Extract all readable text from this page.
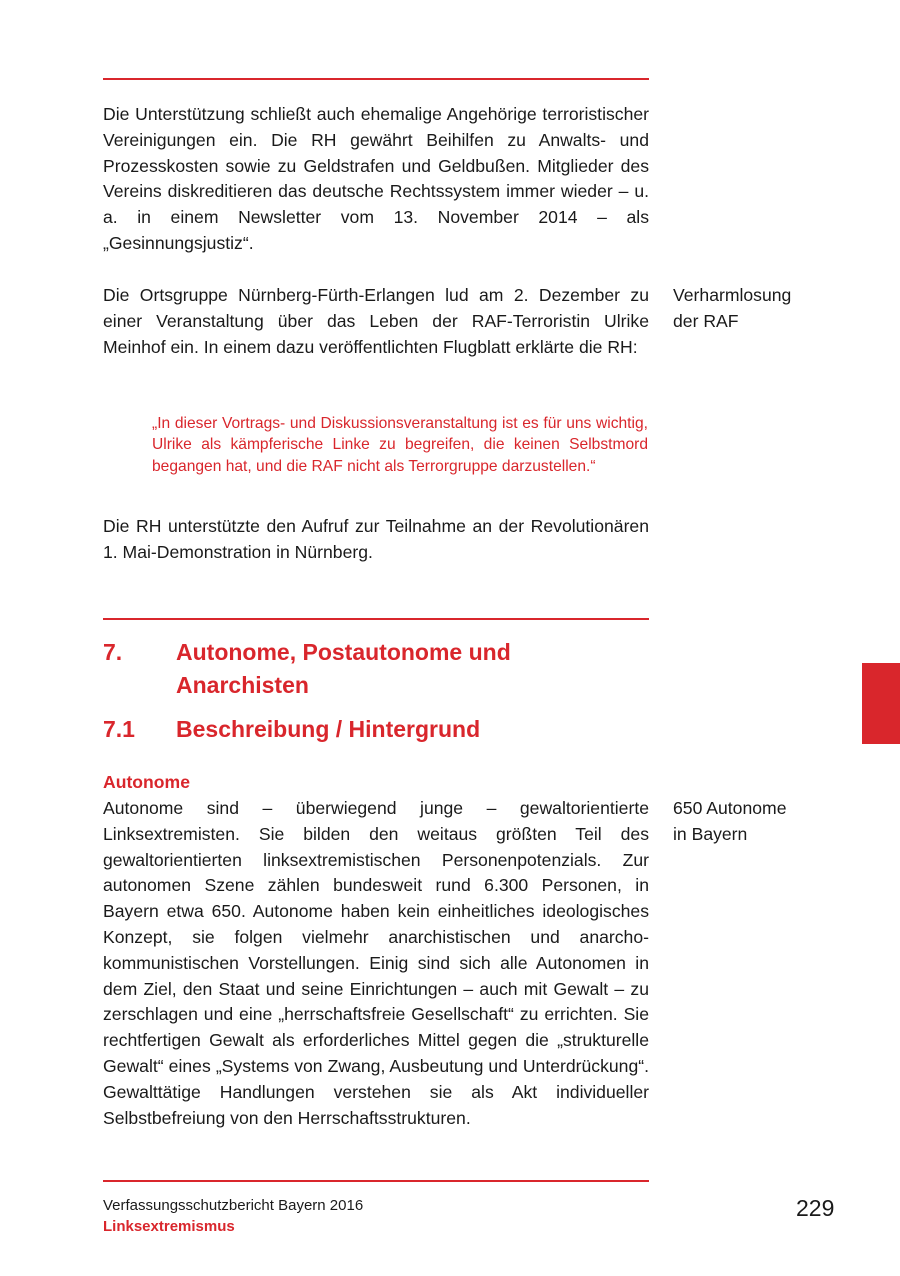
Die Unterstützung schließt auch ehemalige Angehörige terroristischer Vereinigungen ein. Die RH gewährt Beihilfen zu Anwalts- und Prozesskosten sowie zu Geldstrafen und Geldbußen. Mitglieder des Vereins diskreditieren das deutsche Rechtssystem immer wieder – u. a. in einem Newsletter vom 13. November 2014 – als „Gesinnungsjustiz“.

Die Ortsgruppe Nürnberg-Fürth-Erlangen lud am 2. Dezember zu einer Veranstaltung über das Leben der RAF-Terroristin Ulrike Meinhof ein. In einem dazu veröffentlichten Flugblatt erklärte die RH:

Verharmlosung
der RAF

„In dieser Vortrags- und Diskussionsveranstaltung ist es für uns wichtig, Ulrike als kämpferische Linke zu begreifen, die keinen Selbstmord begangen hat, und die RAF nicht als Terrorgruppe darzustellen.“

Die RH unterstützte den Aufruf zur Teilnahme an der Revolutionären 1. Mai-Demonstration in Nürnberg.

7. Autonome, Postautonome und Anarchisten
7.1 Beschreibung / Hintergrund

Autonome

Autonome sind – überwiegend junge – gewaltorientierte Linksextremisten. Sie bilden den weitaus größten Teil des gewaltorientierten linksextremistischen Personenpotenzials. Zur autonomen Szene zählen bundesweit rund 6.300 Personen, in Bayern etwa 650. Autonome haben kein einheitliches ideologisches Konzept, sie folgen vielmehr anarchistischen und anarcho-kommunistischen Vorstellungen. Einig sind sich alle Autonomen in dem Ziel, den Staat und seine Einrichtungen – auch mit Gewalt – zu zerschlagen und eine „herrschaftsfreie Gesellschaft“ zu errichten. Sie rechtfertigen Gewalt als erforderliches Mittel gegen die „strukturelle Gewalt“ eines „Systems von Zwang, Ausbeutung und Unterdrückung“. Gewalttätige Handlungen verstehen sie als Akt individueller Selbstbefreiung von den Herrschaftsstrukturen.

650 Autonome
in Bayern
Verfassungsschutzbericht Bayern 2016
Linksextremismus
229
